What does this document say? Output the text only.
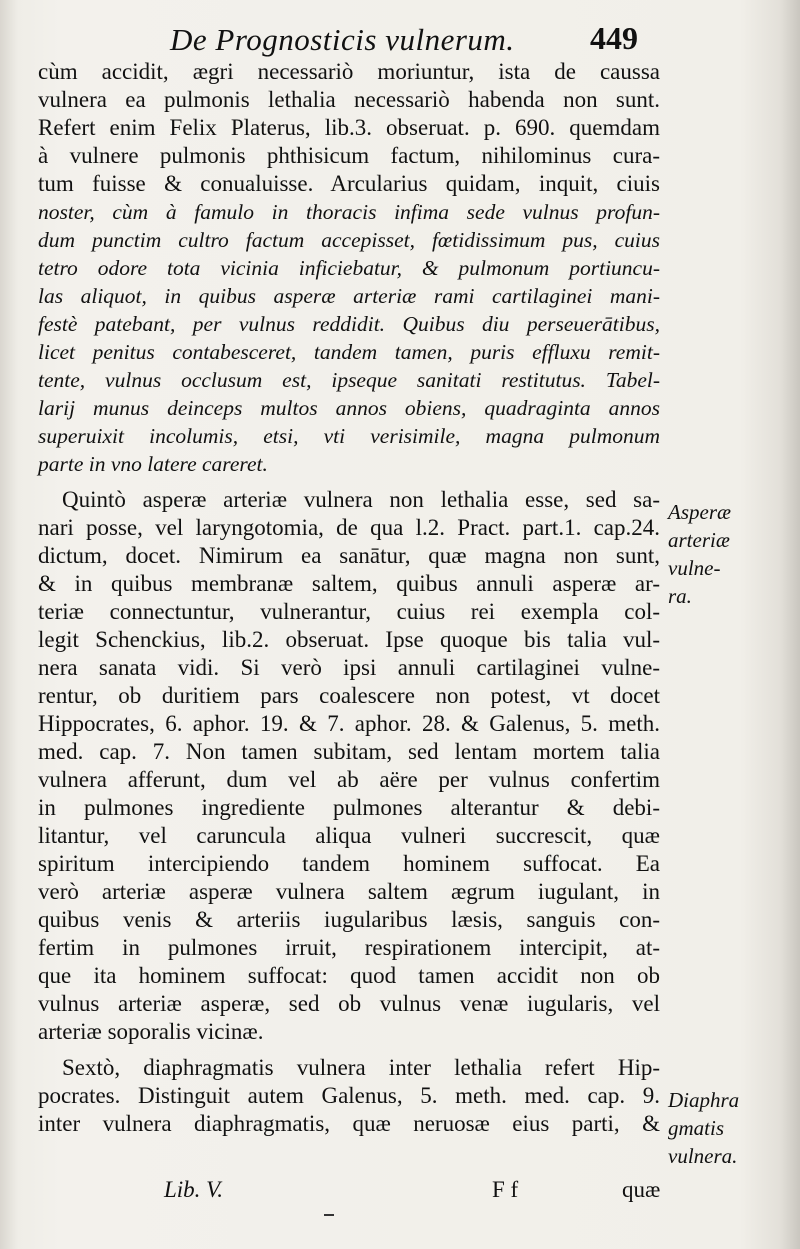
De Prognosticis vulnerum. 449
cùm accidit, ægri necessariò moriuntur, ista de caussa
vulnera ea pulmonis lethalia necessariò habenda non sunt.
Refert enim Felix Platerus, lib.3. obseruat. p. 690. quemdam
à vulnere pulmonis phthisicum factum, nihilominus cura-
tum fuisse & conualuisse. Arcularius quidam, inquit, ciuis
noster, cùm à famulo in thoracis infima sede vulnus profun-
dum punctim cultro factum accepisset, fœtidissimum pus, cuius
tetro odore tota vicinia inficiebatur, & pulmonum portiuncu-
las aliquot, in quibus asperæ arteriæ rami cartilaginei mani-
festè patebant, per vulnus reddidit. Quibus diu perseuerātibus,
licet penitus contabesceret, tandem tamen, puris effluxu remit-
tente, vulnus occlusum est, ipseque sanitati restitutus. Tabel-
larij munus deinceps multos annos obiens, quadraginta annos
superuixit incolumis, etsi, vti verisimile, magna pulmonum
parte in vno latere careret.
Quintò asperæ arteriæ vulnera non lethalia esse, sed sa-
nari posse, vel laryngotomia, de qua l.2. Pract. part.1. cap.24.
dictum, docet. Nimirum ea sanātur, quæ magna non sunt,
& in quibus membranæ saltem, quibus annuli asperæ ar-
teriæ connectuntur, vulnerantur, cuius rei exempla col-
legit Schenckius, lib.2. obseruat. Ipse quoque bis talia vul-
nera sanata vidi. Si verò ipsi annuli cartilaginei vulne-
rentur, ob duritiem pars coalescere non potest, vt docet
Hippocrates, 6. aphor. 19. & 7. aphor. 28. & Galenus, 5. meth.
med. cap. 7. Non tamen subitam, sed lentam mortem talia
vulnera afferunt, dum vel ab aëre per vulnus confertim
in pulmones ingrediente pulmones alterantur & debi-
litantur, vel caruncula aliqua vulneri succrescit, quæ
spiritum intercipiendo tandem hominem suffocat. Ea
verò arteriæ asperæ vulnera saltem ægrum iugulant, in
quibus venis & arteriis iugularibus læsis, sanguis con-
fertim in pulmones irruit, respirationem intercipit, at-
que ita hominem suffocat: quod tamen accidit non ob
vulnus arteriæ asperæ, sed ob vulnus venæ iugularis, vel
arteriæ soporalis vicinæ.
Sextò, diaphragmatis vulnera inter lethalia refert Hip-
pocrates. Distinguit autem Galenus, 5. meth. med. cap. 9.
inter vulnera diaphragmatis, quæ neruosæ eius parti, &
Asperæ
arteriæ
vulne-
ra.
Diaphra
gmatis
vulnera.
Lib. V.	F f	quæ
